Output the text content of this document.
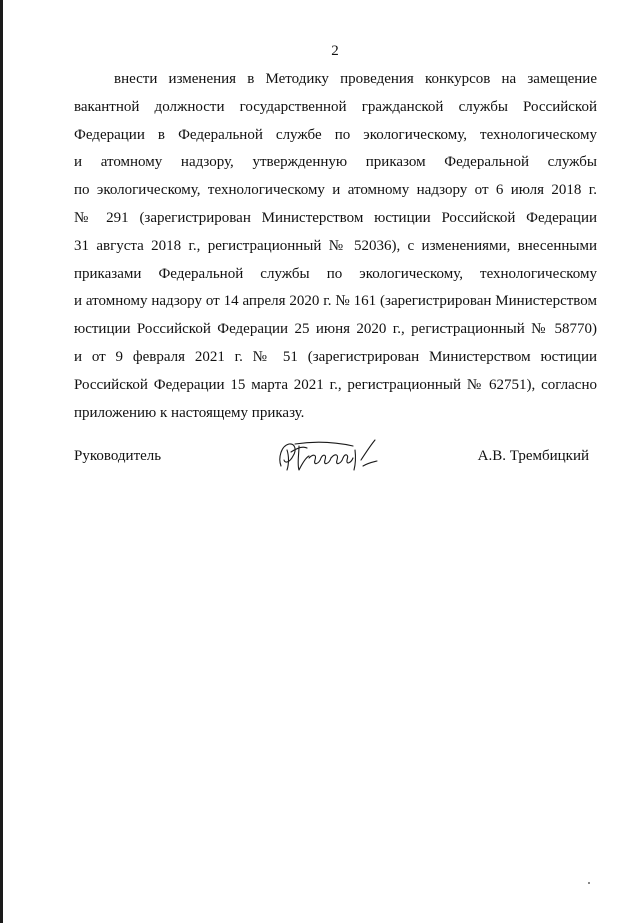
2
внести изменения в Методику проведения конкурсов на замещение
вакантной должности государственной гражданской службы Российской
Федерации в Федеральной службе по экологическому, технологическому
и атомному надзору, утвержденную приказом Федеральной службы
по экологическому, технологическому и атомному надзору от 6 июля 2018 г.
№ 291 (зарегистрирован Министерством юстиции Российской Федерации
31 августа 2018 г., регистрационный № 52036), с изменениями, внесенными
приказами Федеральной службы по экологическому, технологическому
и атомному надзору от 14 апреля 2020 г. № 161 (зарегистрирован Министерством
юстиции Российской Федерации 25 июня 2020 г., регистрационный № 58770)
и от 9 февраля 2021 г. № 51 (зарегистрирован Министерством юстиции
Российской Федерации 15 марта 2021 г., регистрационный № 62751), согласно
приложению к настоящему приказу.
Руководитель	А.В. Трембицкий
